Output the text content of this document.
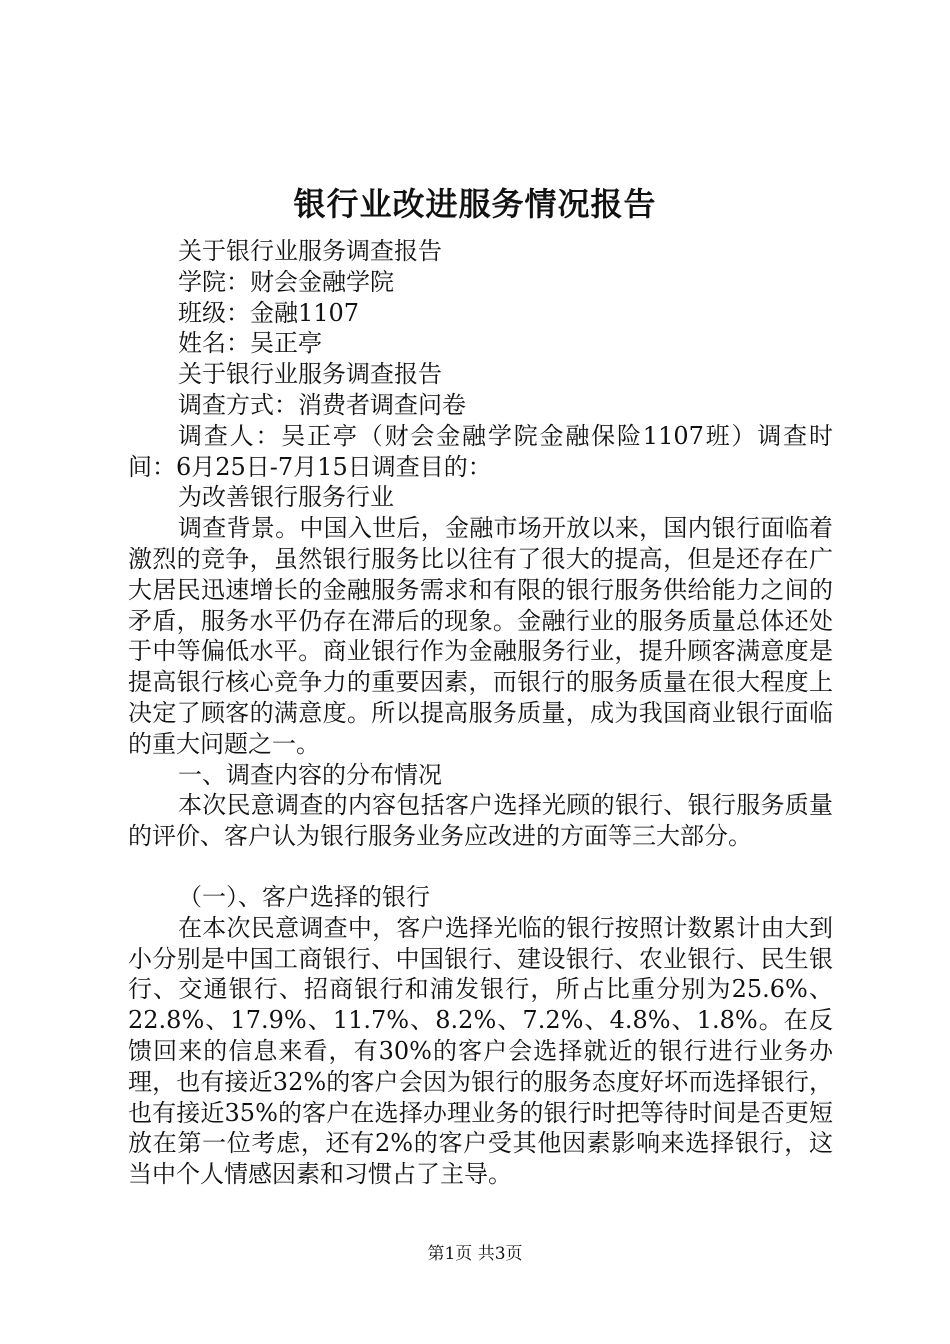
银行业改进服务情况报告

关于银行业服务调查报告

学院：财会金融学院

班级：金融1107

姓名：吴正亭

关于银行业服务调查报告

调查方式：消费者调查问卷

调查人：吴正亭（财会金融学院金融保险1107班）调查时间：6月25日-7月15日调查目的：

为改善银行服务行业

调查背景。中国入世后，金融市场开放以来，国内银行面临着激烈的竞争，虽然银行服务比以往有了很大的提高，但是还存在广大居民迅速增长的金融服务需求和有限的银行服务供给能力之间的矛盾，服务水平仍存在滞后的现象。金融行业的服务质量总体还处于中等偏低水平。商业银行作为金融服务行业，提升顾客满意度是提高银行核心竞争力的重要因素，而银行的服务质量在很大程度上决定了顾客的满意度。所以提高服务质量，成为我国商业银行面临的重大问题之一。

一、调查内容的分布情况

本次民意调查的内容包括客户选择光顾的银行、银行服务质量的评价、客户认为银行服务业务应改进的方面等三大部分。

（一）、客户选择的银行

在本次民意调查中，客户选择光临的银行按照计数累计由大到小分别是中国工商银行、中国银行、建设银行、农业银行、民生银行、交通银行、招商银行和浦发银行，所占比重分别为25.6%、22.8%、17.9%、11.7%、8.2%、7.2%、4.8%、1.8%。在反馈回来的信息来看，有30%的客户会选择就近的银行进行业务办理，也有接近32%的客户会因为银行的服务态度好坏而选择银行，也有接近35%的客户在选择办理业务的银行时把等待时间是否更短放在第一位考虑，还有2%的客户受其他因素影响来选择银行，这当中个人情感因素和习惯占了主导。

第1页 共3页
